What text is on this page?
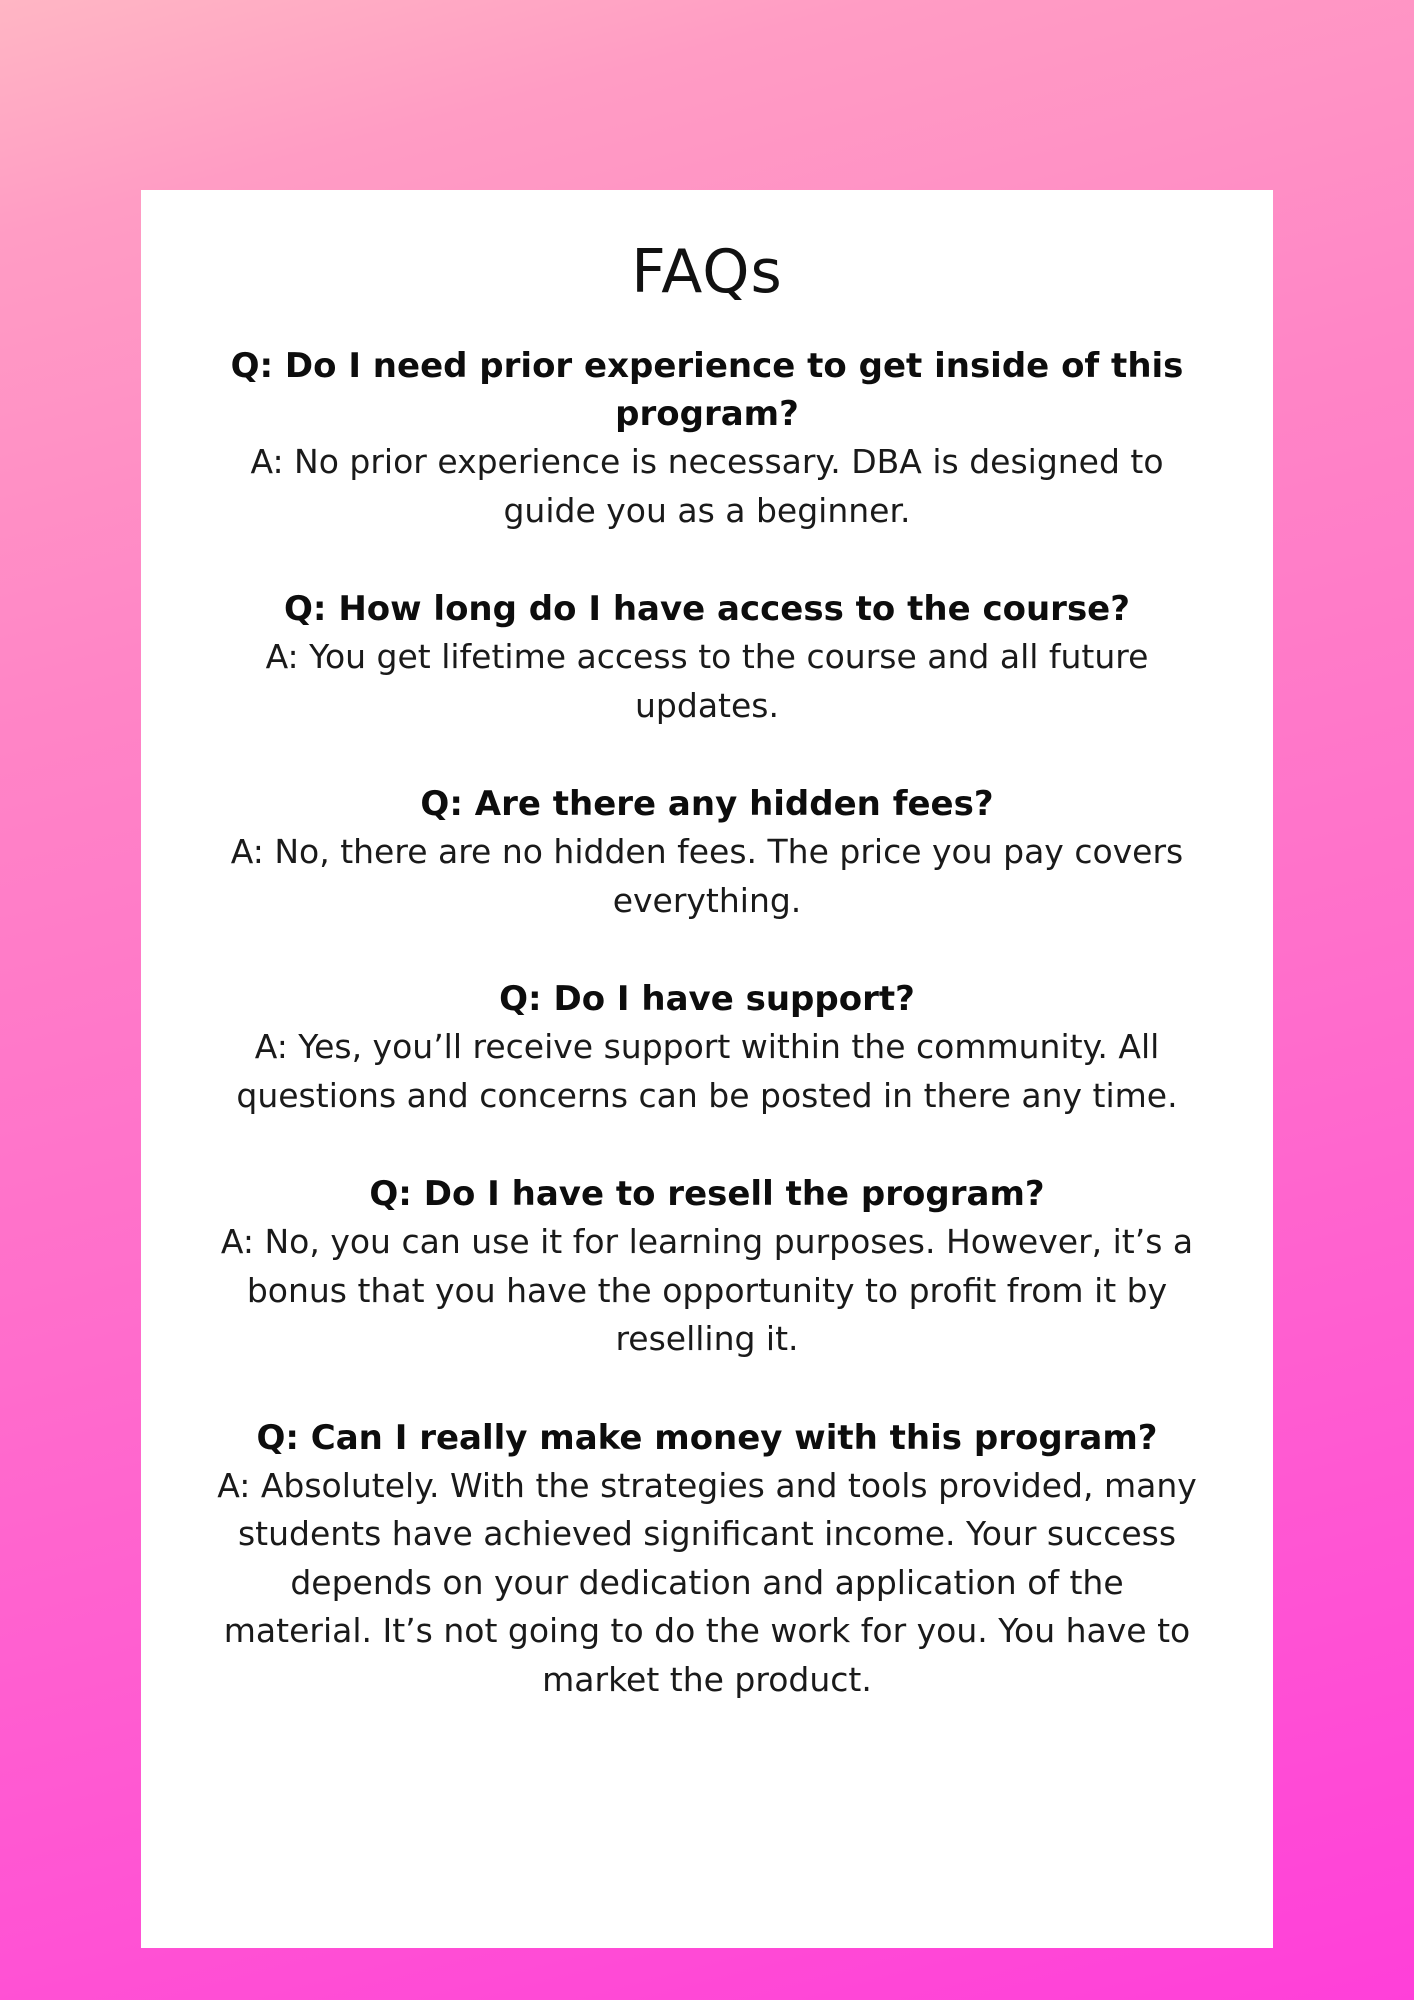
FAQs

Q: Do I need prior experience to get inside of this program?

A: No prior experience is necessary. DBA is designed to guide you as a beginner.

Q: How long do I have access to the course?

A: You get lifetime access to the course and all future updates.

Q: Are there any hidden fees?

A: No, there are no hidden fees. The price you pay covers everything.

Q: Do I have support?

A: Yes, you’ll receive support within the community. All questions and concerns can be posted in there any time.

Q: Do I have to resell the program?

A: No, you can use it for learning purposes. However, it’s a bonus that you have the opportunity to profit from it by reselling it.

Q: Can I really make money with this program?

A: Absolutely. With the strategies and tools provided, many students have achieved significant income. Your success depends on your dedication and application of the material. It’s not going to do the work for you. You have to market the product.
